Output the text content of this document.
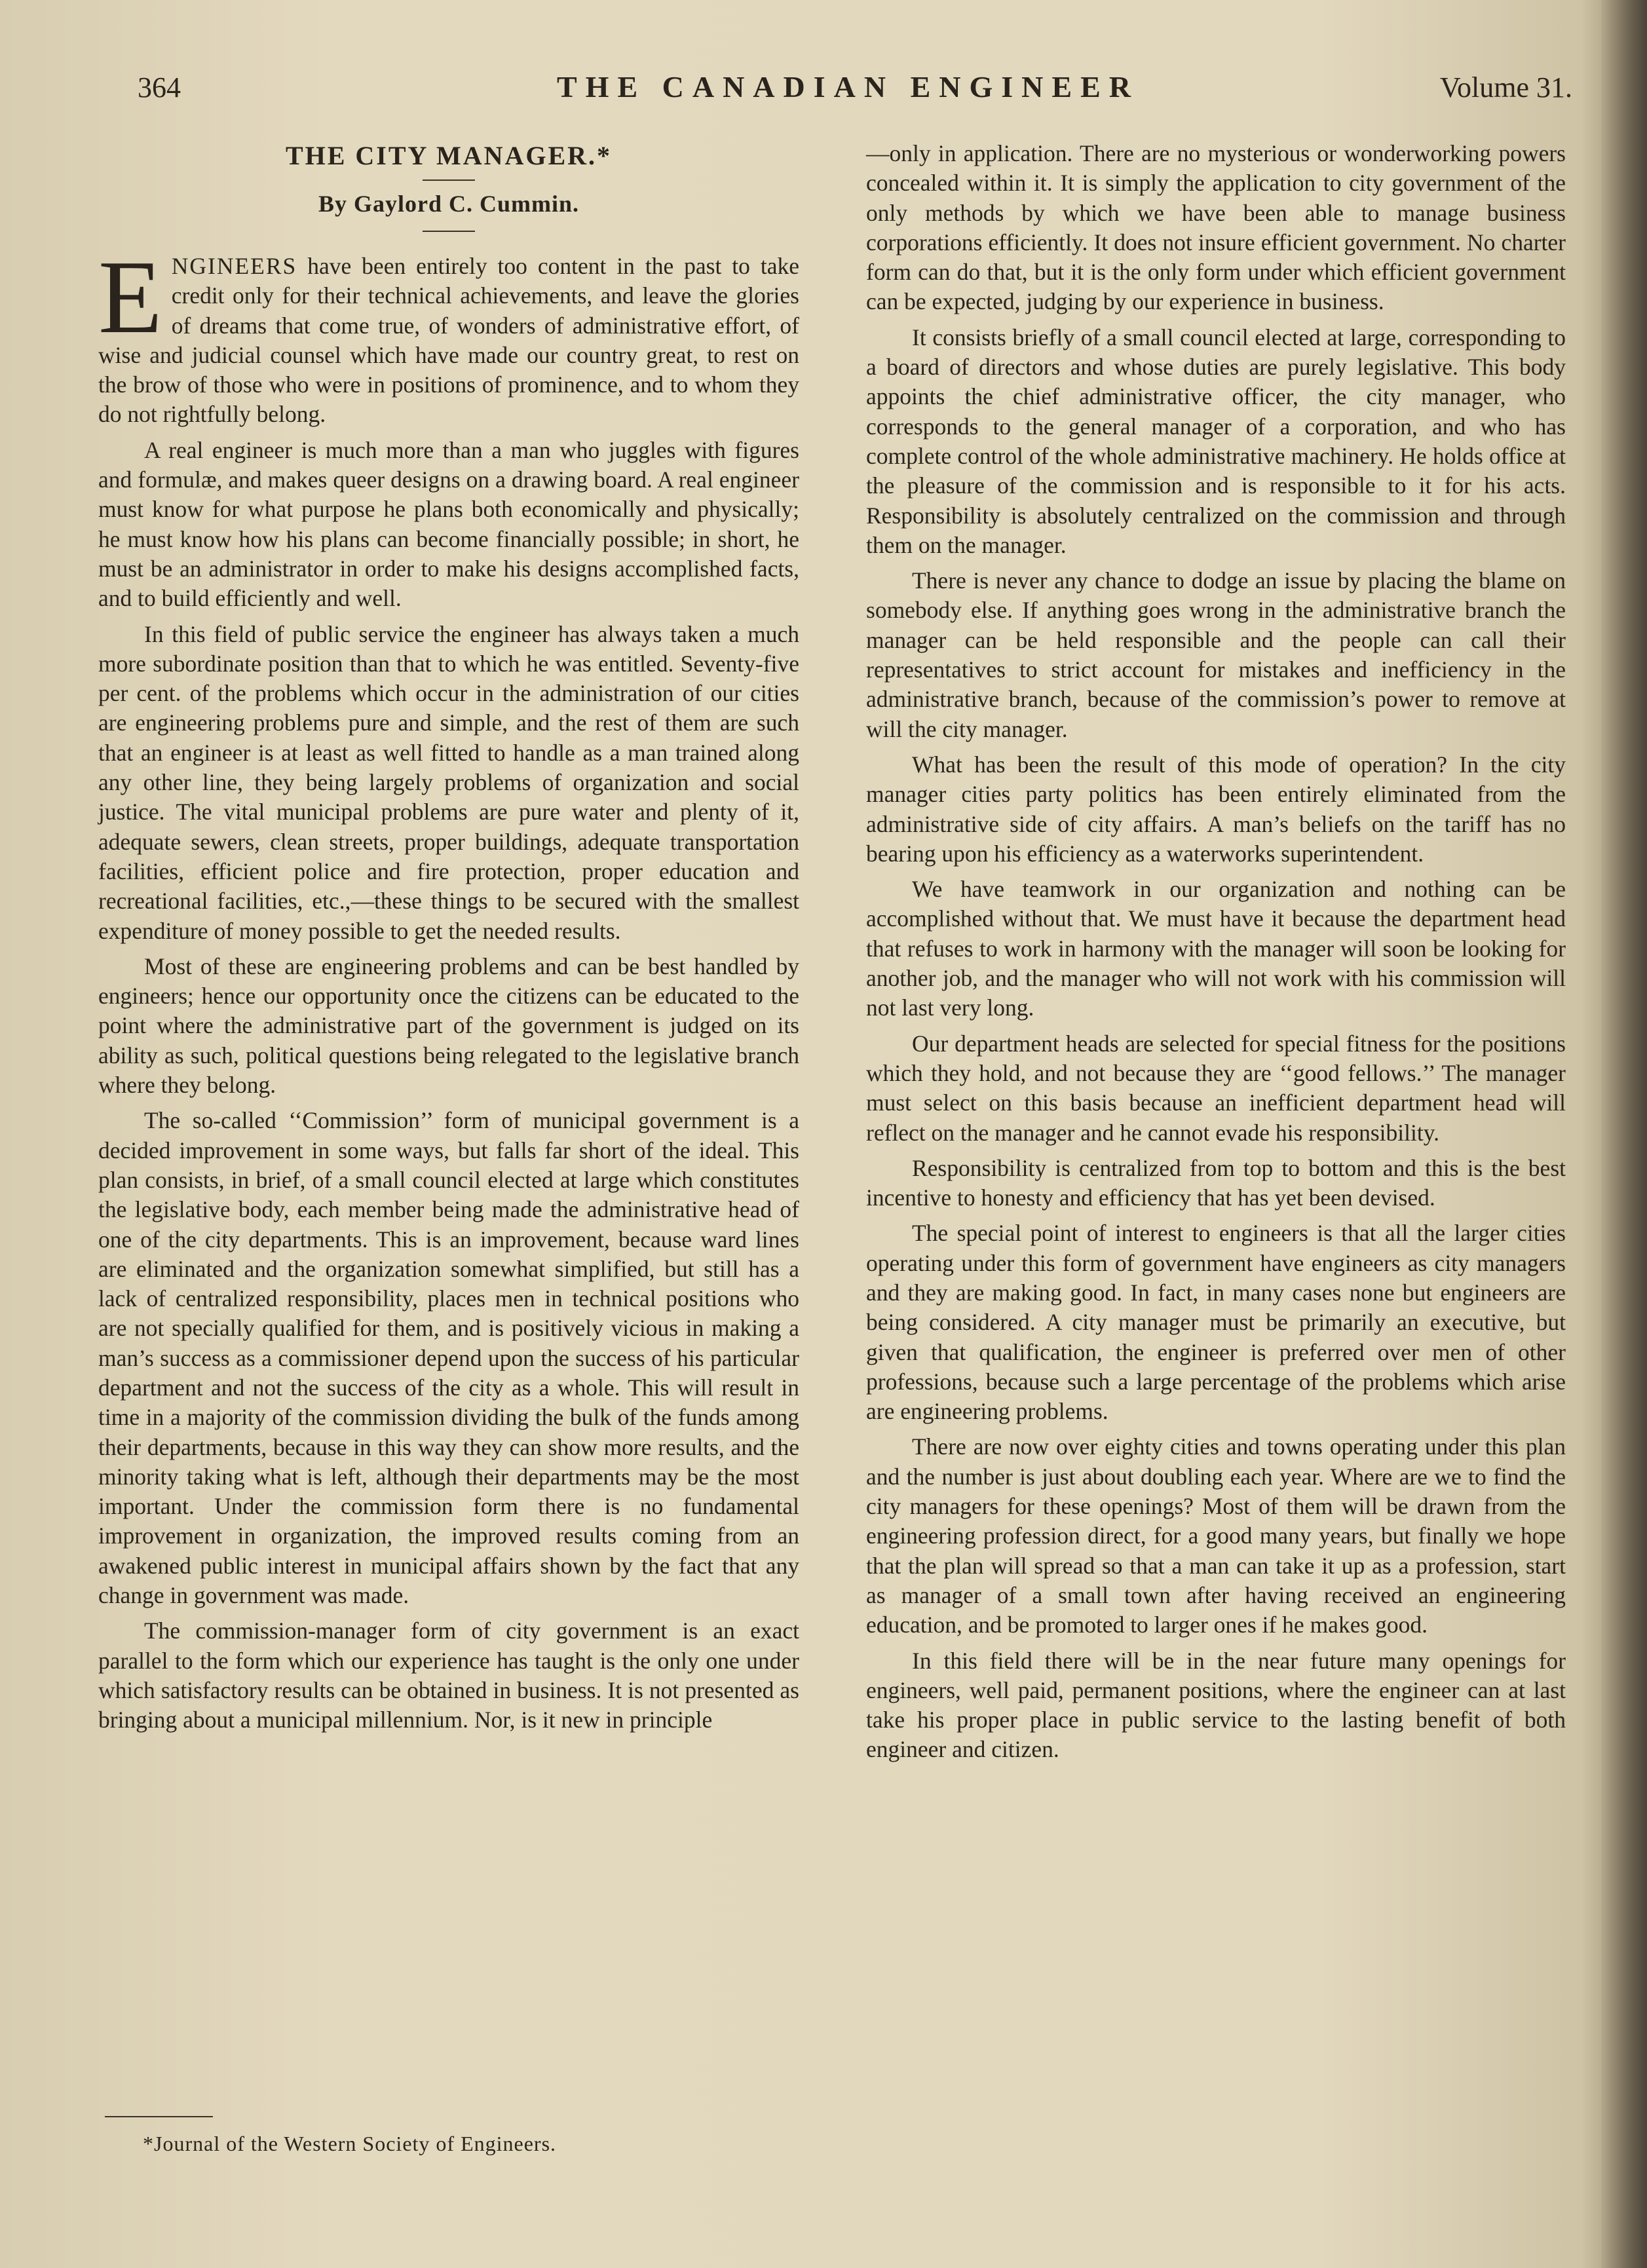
364	THE CANADIAN ENGINEER	Volume 31.
THE CITY MANAGER.*

By Gaylord C. Cummin.

ENGINEERS have been entirely too content in the past to take credit only for their technical achievements, and leave the glories of dreams that come true, of wonders of administrative effort, of wise and judicial counsel which have made our country great, to rest on the brow of those who were in positions of prominence, and to whom they do not rightfully belong.

A real engineer is much more than a man who juggles with figures and formulæ, and makes queer designs on a drawing board. A real engineer must know for what purpose he plans both economically and physically; he must know how his plans can become financially possible; in short, he must be an administrator in order to make his designs accomplished facts, and to build efficiently and well.

In this field of public service the engineer has always taken a much more subordinate position than that to which he was entitled. Seventy-five per cent. of the problems which occur in the administration of our cities are engineering problems pure and simple, and the rest of them are such that an engineer is at least as well fitted to handle as a man trained along any other line, they being largely problems of organization and social justice. The vital municipal problems are pure water and plenty of it, adequate sewers, clean streets, proper buildings, adequate transportation facilities, efficient police and fire protection, proper education and recreational facilities, etc.,—these things to be secured with the smallest expenditure of money possible to get the needed results.

Most of these are engineering problems and can be best handled by engineers; hence our opportunity once the citizens can be educated to the point where the administrative part of the government is judged on its ability as such, political questions being relegated to the legislative branch where they belong.

The so-called ‘‘Commission’’ form of municipal government is a decided improvement in some ways, but falls far short of the ideal. This plan consists, in brief, of a small council elected at large which constitutes the legislative body, each member being made the administrative head of one of the city departments. This is an improvement, because ward lines are eliminated and the organization somewhat simplified, but still has a lack of centralized responsibility, places men in technical positions who are not specially qualified for them, and is positively vicious in making a man’s success as a commissioner depend upon the success of his particular department and not the success of the city as a whole. This will result in time in a majority of the commission dividing the bulk of the funds among their departments, because in this way they can show more results, and the minority taking what is left, although their departments may be the most important. Under the commission form there is no fundamental improvement in organization, the improved results coming from an awakened public interest in municipal affairs shown by the fact that any change in government was made.

The commission-manager form of city government is an exact parallel to the form which our experience has taught is the only one under which satisfactory results can be obtained in business. It is not presented as bringing about a municipal millennium. Nor, is it new in principle

—only in application. There are no mysterious or wonderworking powers concealed within it. It is simply the application to city government of the only methods by which we have been able to manage business corporations efficiently. It does not insure efficient government. No charter form can do that, but it is the only form under which efficient government can be expected, judging by our experience in business.

It consists briefly of a small council elected at large, corresponding to a board of directors and whose duties are purely legislative. This body appoints the chief administrative officer, the city manager, who corresponds to the general manager of a corporation, and who has complete control of the whole administrative machinery. He holds office at the pleasure of the commission and is responsible to it for his acts. Responsibility is absolutely centralized on the commission and through them on the manager.

There is never any chance to dodge an issue by placing the blame on somebody else. If anything goes wrong in the administrative branch the manager can be held responsible and the people can call their representatives to strict account for mistakes and inefficiency in the administrative branch, because of the commission’s power to remove at will the city manager.

What has been the result of this mode of operation? In the city manager cities party politics has been entirely eliminated from the administrative side of city affairs. A man’s beliefs on the tariff has no bearing upon his efficiency as a waterworks superintendent.

We have teamwork in our organization and nothing can be accomplished without that. We must have it because the department head that refuses to work in harmony with the manager will soon be looking for another job, and the manager who will not work with his commission will not last very long.

Our department heads are selected for special fitness for the positions which they hold, and not because they are ‘‘good fellows.’’ The manager must select on this basis because an inefficient department head will reflect on the manager and he cannot evade his responsibility.

Responsibility is centralized from top to bottom and this is the best incentive to honesty and efficiency that has yet been devised.

The special point of interest to engineers is that all the larger cities operating under this form of government have engineers as city managers and they are making good. In fact, in many cases none but engineers are being considered. A city manager must be primarily an executive, but given that qualification, the engineer is preferred over men of other professions, because such a large percentage of the problems which arise are engineering problems.

There are now over eighty cities and towns operating under this plan and the number is just about doubling each year. Where are we to find the city managers for these openings? Most of them will be drawn from the engineering profession direct, for a good many years, but finally we hope that the plan will spread so that a man can take it up as a profession, start as manager of a small town after having received an engineering education, and be promoted to larger ones if he makes good.

In this field there will be in the near future many openings for engineers, well paid, permanent positions, where the engineer can at last take his proper place in public service to the lasting benefit of both engineer and citizen.

*Journal of the Western Society of Engineers.
